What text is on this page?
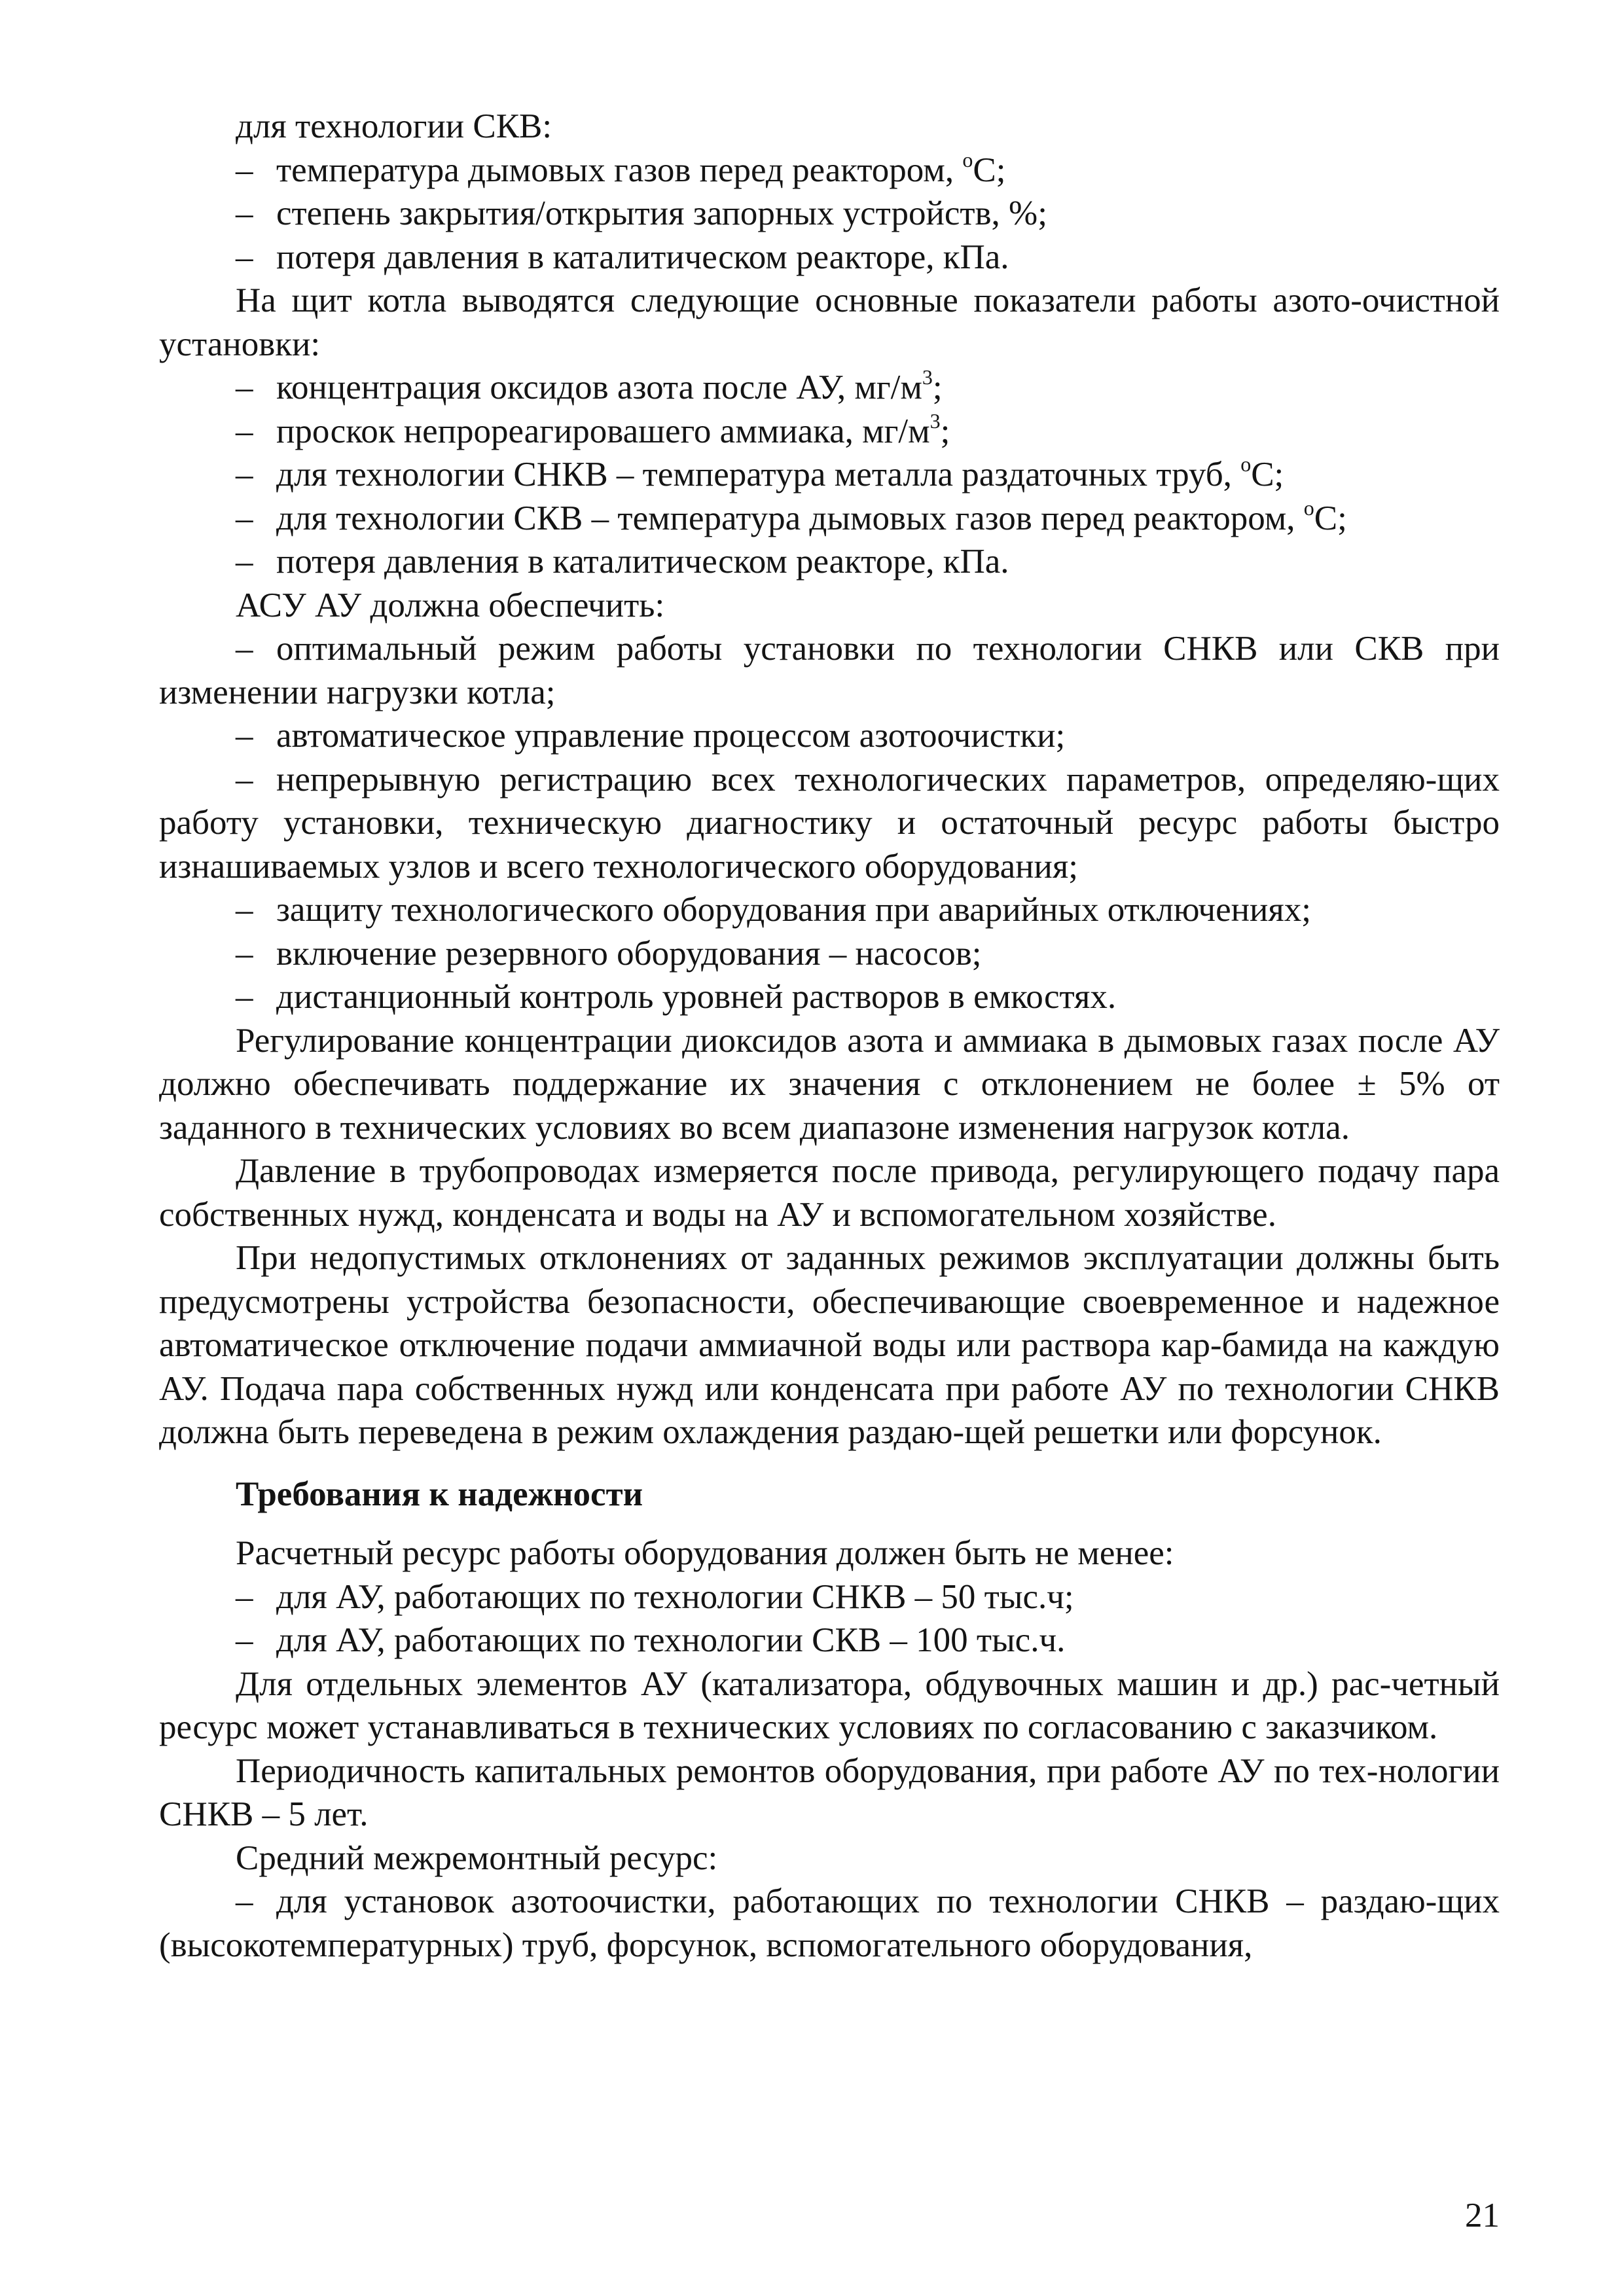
для технологии СКВ:

– температура дымовых газов перед реактором, $^o$С;

– степень закрытия/открытия запорных устройств, %;

– потеря давления в каталитическом реакторе, кПа.

На щит котла выводятся следующие основные показатели работы азото-очистной установки:

– концентрация оксидов азота после АУ, $мг/м^3$;

– проскок непрореагировашего аммиака, $мг/м^3$;

– для технологии СНКВ – температура металла раздаточных труб, $^o$С;

– для технологии СКВ – температура дымовых газов перед реактором, $^o$С;

– потеря давления в каталитическом реакторе, кПа.

АСУ АУ должна обеспечить:

– оптимальный режим работы установки по технологии СНКВ или СКВ при изменении нагрузки котла;

– автоматическое управление процессом азотоочистки;

– непрерывную регистрацию всех технологических параметров, определяю-щих работу установки, техническую диагностику и остаточный ресурс работы быстро изнашиваемых узлов и всего технологического оборудования;

– защиту технологического оборудования при аварийных отключениях;

– включение резервного оборудования – насосов;

– дистанционный контроль уровней растворов в емкостях.

Регулирование концентрации диоксидов азота и аммиака в дымовых газах после АУ должно обеспечивать поддержание их значения с отклонением не более ± 5% от заданного в технических условиях во всем диапазоне изменения нагрузок котла.

Давление в трубопроводах измеряется после привода, регулирующего подачу пара собственных нужд, конденсата и воды на АУ и вспомогательном хозяйстве.

При недопустимых отклонениях от заданных режимов эксплуатации должны быть предусмотрены устройства безопасности, обеспечивающие своевременное и надежное автоматическое отключение подачи аммиачной воды или раствора кар-бамида на каждую АУ. Подача пара собственных нужд или конденсата при работе АУ по технологии СНКВ должна быть переведена в режим охлаждения раздаю-щей решетки или форсунок.

Требования к надежности

Расчетный ресурс работы оборудования должен быть не менее:

– для АУ, работающих по технологии СНКВ – 50 тыс.ч;

– для АУ, работающих по технологии СКВ – 100 тыс.ч.

Для отдельных элементов АУ (катализатора, обдувочных машин и др.) рас-четный ресурс может устанавливаться в технических условиях по согласованию с заказчиком.

Периодичность капитальных ремонтов оборудования, при работе АУ по тех-нологии СНКВ – 5 лет.

Средний межремонтный ресурс:

– для установок азотоочистки, работающих по технологии СНКВ – раздаю-щих (высокотемпературных) труб, форсунок, вспомогательного оборудования,

21
